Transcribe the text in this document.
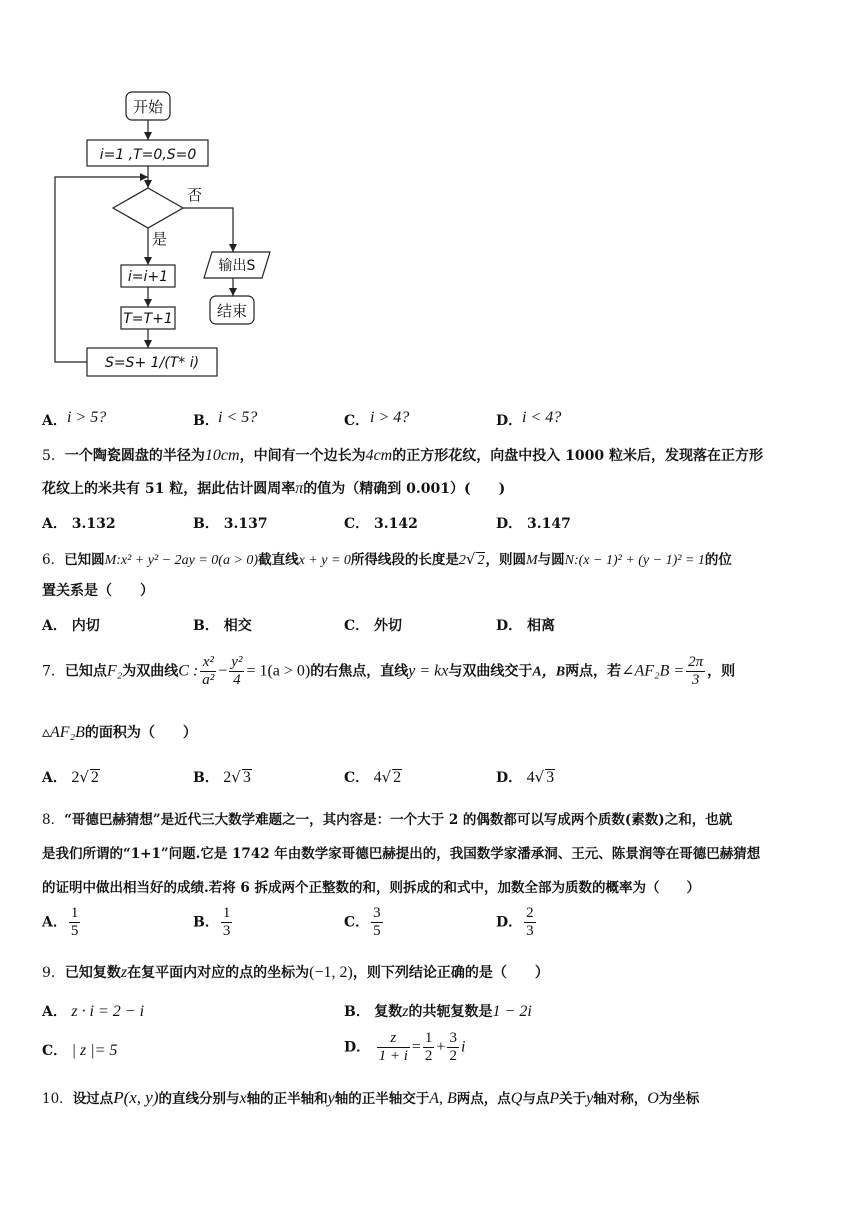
开始
i=1 ,T=0,S=0
否
是
i=i+1
T=T+1
S=S+ 1/(T* i)
输出S
结束
A． i > 5?	B． i < 5?	C． i > 4?	D． i < 4?
5．一个陶瓷圆盘的半径为10cm，中间有一个边长为4cm的正方形花纹，向盘中投入 1000 粒米后，发现落在正方形
花纹上的米共有 51 粒，据此估计圆周率π的值为（精确到 0.001）(　　)
A． 3.132	B． 3.137	C． 3.142	D． 3.147
6．已知圆M:x² + y² − 2ay = 0(a > 0)截直线x + y = 0所得线段的长度是2√ 2，则圆M与圆N:(x − 1)² + (y − 1)² = 1的位
置关系是（　　）
A． 内切	B． 相交	C． 外切	D． 相离
7．已知点F₂为双曲线C : $\frac{\text{x²}}{\text{a²}} - \frac{\text{y²}}{4} = 1(a > 0)$的右焦点，直线y = kx与双曲线交于A，B两点，若∠AF₂B = $\frac{2\pi}{3}$ ，则
▵AF₂B的面积为（　　）
A． 2√ 2	B． 2√ 3	C． 4√ 2	D． 4√ 3
8．“哥德巴赫猜想”是近代三大数学难题之一，其内容是：一个大于 2 的偶数都可以写成两个质数(素数)之和，也就
是我们所谓的“1+1”问题.它是 1742 年由数学家哥德巴赫提出的，我国数学家潘承洞、王元、陈景润等在哥德巴赫猜想
的证明中做出相当好的成绩.若将 6 拆成两个正整数的和，则拆成的和式中，加数全部为质数的概率为（　　）
A． $\frac{1}{5}$	B． $\frac{1}{3}$	C． $\frac{3}{5}$	D． $\frac{2}{3}$
9．已知复数z在复平面内对应的点的坐标为(−1, 2)，则下列结论正确的是（　　）
A． z · i = 2 − i	B． 复数z的共轭复数是1 − 2i
C． | z |= 5	D． $\frac{z}{1 + i} = \frac{1}{2} + \frac{3}{2}$ i
10．设过点P(x, y)的直线分别与x轴的正半轴和y轴的正半轴交于A, B两点，点Q与点P关于y轴对称，O为坐标
